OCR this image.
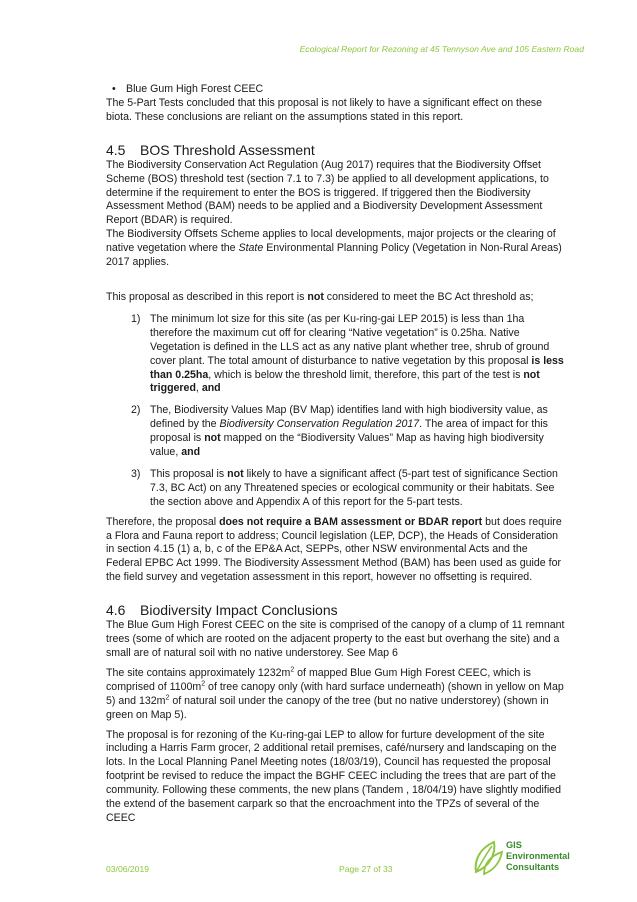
Ecological Report for Rezoning at 45 Tennyson Ave and 105 Eastern Road
• Blue Gum High Forest CEEC

The 5-Part Tests concluded that this proposal is not likely to have a significant effect on these biota. These conclusions are reliant on the assumptions stated in this report.

4.5 BOS Threshold Assessment

The Biodiversity Conservation Act Regulation (Aug 2017) requires that the Biodiversity Offset Scheme (BOS) threshold test (section 7.1 to 7.3) be applied to all development applications, to determine if the requirement to enter the BOS is triggered. If triggered then the Biodiversity Assessment Method (BAM) needs to be applied and a Biodiversity Development Assessment Report (BDAR) is required.

The Biodiversity Offsets Scheme applies to local developments, major projects or the clearing of native vegetation where the State Environmental Planning Policy (Vegetation in Non-Rural Areas) 2017 applies.

This proposal as described in this report is not considered to meet the BC Act threshold as;

1) The minimum lot size for this site (as per Ku-ring-gai LEP 2015) is less than 1ha therefore the maximum cut off for clearing “Native vegetation” is 0.25ha. Native Vegetation is defined in the LLS act as any native plant whether tree, shrub of ground cover plant. The total amount of disturbance to native vegetation by this proposal is less than 0.25ha, which is below the threshold limit, therefore, this part of the test is not triggered, and
2) The, Biodiversity Values Map (BV Map) identifies land with high biodiversity value, as defined by the Biodiversity Conservation Regulation 2017. The area of impact for this proposal is not mapped on the “Biodiversity Values” Map as having high biodiversity value, and
3) This proposal is not likely to have a significant affect (5-part test of significance Section 7.3, BC Act) on any Threatened species or ecological community or their habitats. See the section above and Appendix A of this report for the 5-part tests.

Therefore, the proposal does not require a BAM assessment or BDAR report but does require a Flora and Fauna report to address; Council legislation (LEP, DCP), the Heads of Consideration in section 4.15 (1) a, b, c of the EP&A Act, SEPPs, other NSW environmental Acts and the Federal EPBC Act 1999. The Biodiversity Assessment Method (BAM) has been used as guide for the field survey and vegetation assessment in this report, however no offsetting is required.

4.6 Biodiversity Impact Conclusions

The Blue Gum High Forest CEEC on the site is comprised of the canopy of a clump of 11 remnant trees (some of which are rooted on the adjacent property to the east but overhang the site) and a small are of natural soil with no native understorey. See Map 6

The site contains approximately $1232m^2$ of mapped Blue Gum High Forest CEEC, which is comprised of $1100m^2$ of tree canopy only (with hard surface underneath) (shown in yellow on Map 5) and $132m^2$ of natural soil under the canopy of the tree (but no native understorey) (shown in green on Map 5).

The proposal is for rezoning of the Ku-ring-gai LEP to allow for furture development of the site including a Harris Farm grocer, 2 additional retail premises, café/nursery and landscaping on the lots. In the Local Planning Panel Meeting notes (18/03/19), Council has requested the proposal footprint be revised to reduce the impact the BGHF CEEC including the trees that are part of the community. Following these comments, the new plans (Tandem , 18/04/19) have slightly modified the extend of the basement carpark so that the encroachment into the TPZs of several of the CEEC

03/06/2019	Page 27 of 33
GIS
Environmental
Consultants
